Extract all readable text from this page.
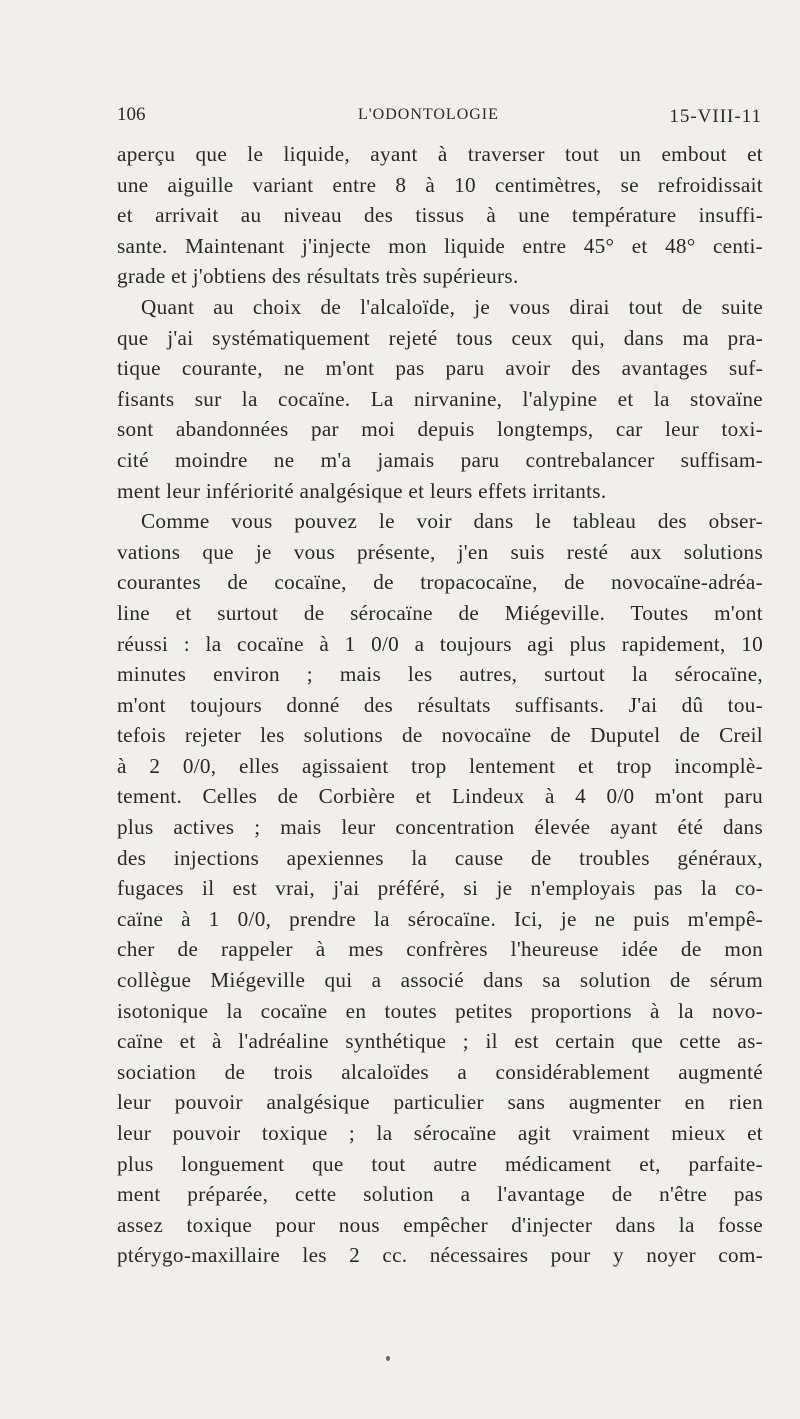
106	L'ODONTOLOGIE	15-VIII-11
aperçu que le liquide, ayant à traverser tout un embout et
une aiguille variant entre 8 à 10 centimètres, se refroidissait
et arrivait au niveau des tissus à une température insuffi-
sante. Maintenant j'injecte mon liquide entre 45° et 48° centi-
grade et j'obtiens des résultats très supérieurs.
Quant au choix de l'alcaloïde, je vous dirai tout de suite
que j'ai systématiquement rejeté tous ceux qui, dans ma pra-
tique courante, ne m'ont pas paru avoir des avantages suf-
fisants sur la cocaïne. La nirvanine, l'alypine et la stovaïne
sont abandonnées par moi depuis longtemps, car leur toxi-
cité moindre ne m'a jamais paru contrebalancer suffisam-
ment leur infériorité analgésique et leurs effets irritants.
Comme vous pouvez le voir dans le tableau des obser-
vations que je vous présente, j'en suis resté aux solutions
courantes de cocaïne, de tropacocaïne, de novocaïne-adréa-
line et surtout de sérocaïne de Miégeville. Toutes m'ont
réussi : la cocaïne à 1 0/0 a toujours agi plus rapidement, 10
minutes environ ; mais les autres, surtout la sérocaïne,
m'ont toujours donné des résultats suffisants. J'ai dû tou-
tefois rejeter les solutions de novocaïne de Duputel de Creil
à 2 0/0, elles agissaient trop lentement et trop incomplè-
tement. Celles de Corbière et Lindeux à 4 0/0 m'ont paru
plus actives ; mais leur concentration élevée ayant été dans
des injections apexiennes la cause de troubles généraux,
fugaces il est vrai, j'ai préféré, si je n'employais pas la co-
caïne à 1 0/0, prendre la sérocaïne. Ici, je ne puis m'empê-
cher de rappeler à mes confrères l'heureuse idée de mon
collègue Miégeville qui a associé dans sa solution de sérum
isotonique la cocaïne en toutes petites proportions à la novo-
caïne et à l'adréaline synthétique ; il est certain que cette as-
sociation de trois alcaloïdes a considérablement augmenté
leur pouvoir analgésique particulier sans augmenter en rien
leur pouvoir toxique ; la sérocaïne agit vraiment mieux et
plus longuement que tout autre médicament et, parfaite-
ment préparée, cette solution a l'avantage de n'être pas
assez toxique pour nous empêcher d'injecter dans la fosse
ptérygo-maxillaire les 2 cc. nécessaires pour y noyer com-
